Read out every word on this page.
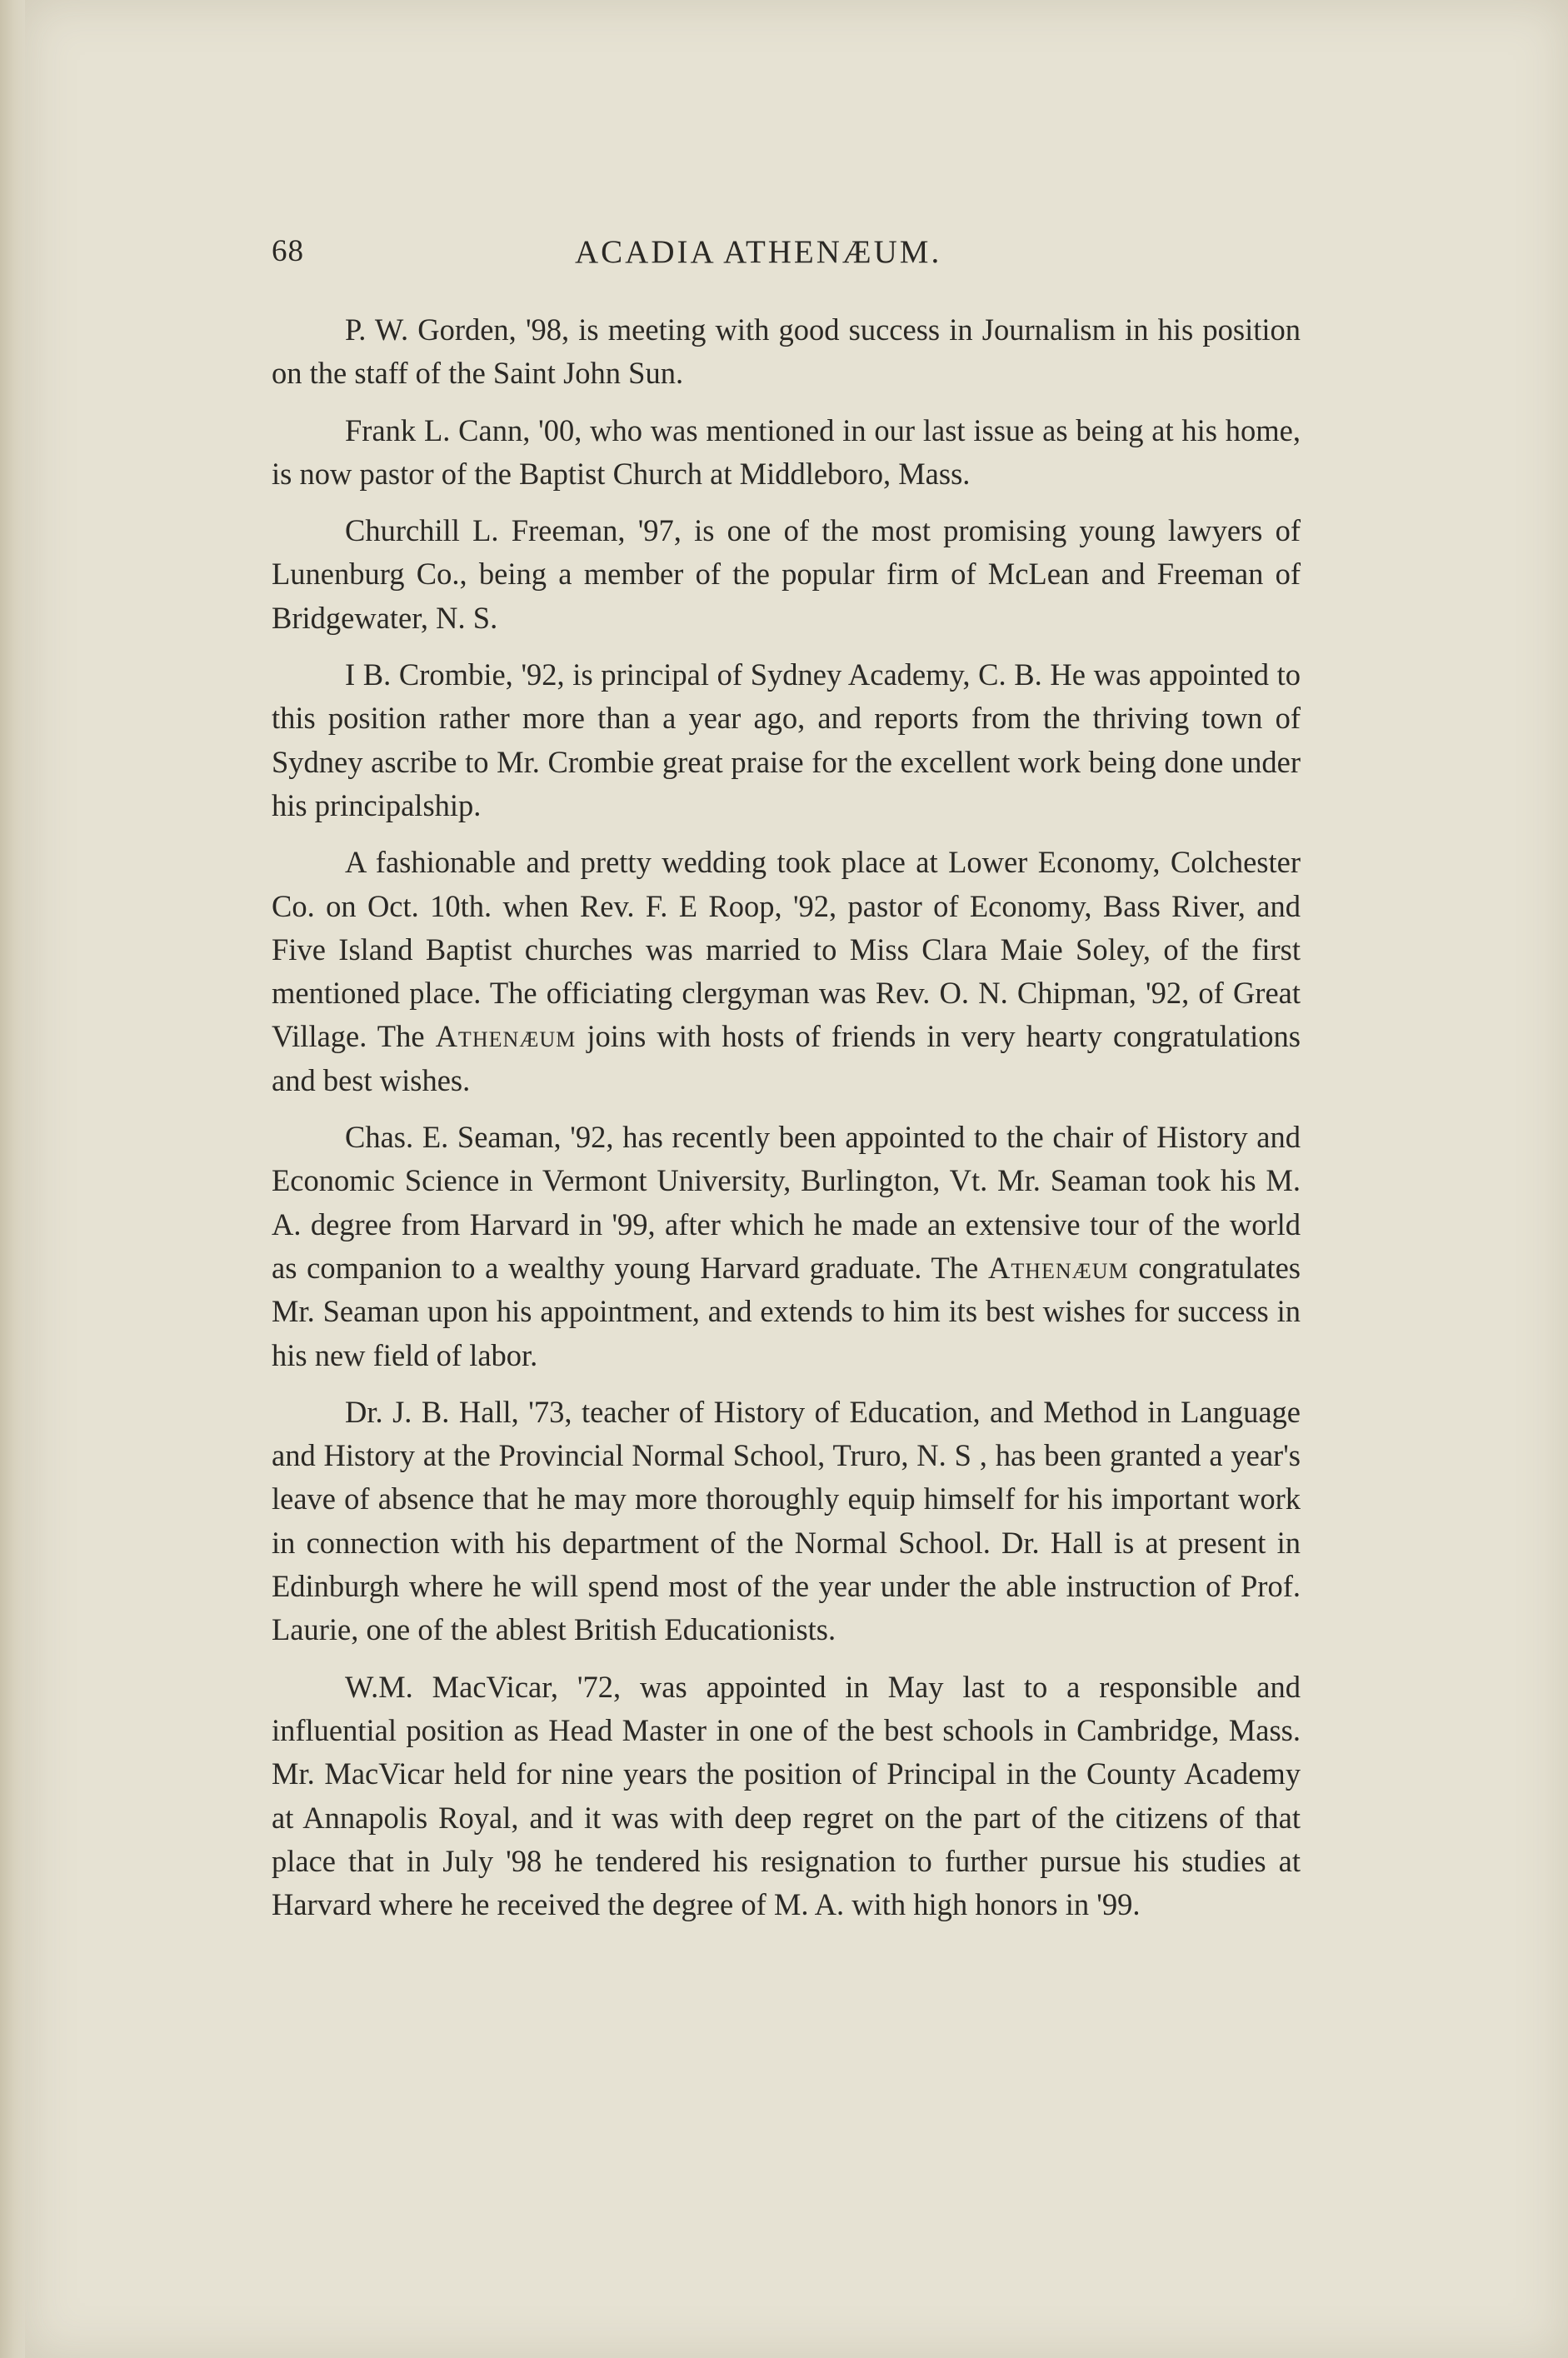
68	ACADIA ATHENÆUM.

P. W. Gorden, '98, is meeting with good success in Journalism in his position on the staff of the Saint John Sun.

Frank L. Cann, '00, who was mentioned in our last issue as being at his home, is now pastor of the Baptist Church at Middleboro, Mass.

Churchill L. Freeman, '97, is one of the most promising young lawyers of Lunenburg Co., being a member of the popular firm of McLean and Freeman of Bridgewater, N. S.

I B. Crombie, '92, is principal of Sydney Academy, C. B. He was appointed to this position rather more than a year ago, and reports from the thriving town of Sydney ascribe to Mr. Crombie great praise for the excellent work being done under his principalship.

A fashionable and pretty wedding took place at Lower Economy, Colchester Co. on Oct. 10th. when Rev. F. E Roop, '92, pastor of Economy, Bass River, and Five Island Baptist churches was married to Miss Clara Maie Soley, of the first mentioned place. The officiating clergyman was Rev. O. N. Chipman, '92, of Great Village. The Athenæum joins with hosts of friends in very hearty congratulations and best wishes.

Chas. E. Seaman, '92, has recently been appointed to the chair of History and Economic Science in Vermont University, Burlington, Vt. Mr. Seaman took his M. A. degree from Harvard in '99, after which he made an extensive tour of the world as companion to a wealthy young Harvard graduate. The Athenæum congratulates Mr. Seaman upon his appointment, and extends to him its best wishes for success in his new field of labor.

Dr. J. B. Hall, '73, teacher of History of Education, and Method in Language and History at the Provincial Normal School, Truro, N. S , has been granted a year's leave of absence that he may more thoroughly equip himself for his important work in connection with his department of the Normal School. Dr. Hall is at present in Edinburgh where he will spend most of the year under the able instruction of Prof. Laurie, one of the ablest British Educationists.

W.M. MacVicar, '72, was appointed in May last to a responsible and influential position as Head Master in one of the best schools in Cambridge, Mass. Mr. MacVicar held for nine years the position of Principal in the County Academy at Annapolis Royal, and it was with deep regret on the part of the citizens of that place that in July '98 he tendered his resignation to further pursue his studies at Harvard where he received the degree of M. A. with high honors in '99.
